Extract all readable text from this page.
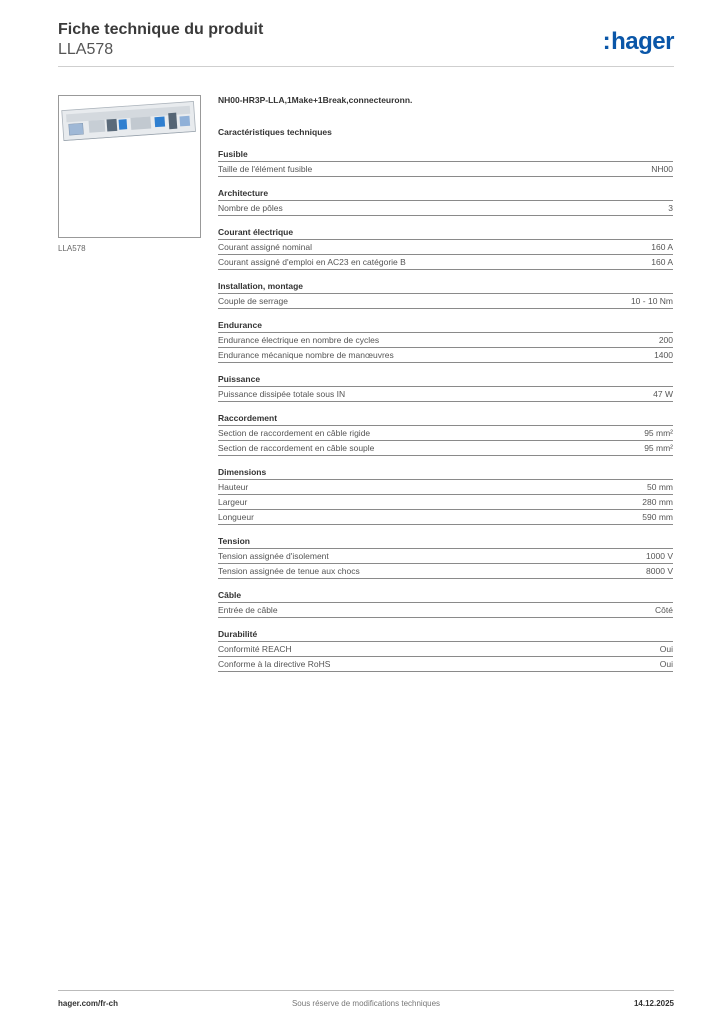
Fiche technique du produit
LLA578	:hager
LLA578
NH00-HR3P-LLA,1Make+1Break,connecteuronn.
Caractéristiques techniques
Fusible
Taille de l'élément fusible	NH00
Architecture
Nombre de pôles	3
Courant électrique
Courant assigné nominal	160 A
Courant assigné d'emploi en AC23 en catégorie B	160 A
Installation, montage
Couple de serrage	10 - 10 Nm
Endurance
Endurance électrique en nombre de cycles	200
Endurance mécanique nombre de manœuvres	1400
Puissance
Puissance dissipée totale sous IN	47 W
Raccordement
Section de raccordement en câble rigide	95 mm²
Section de raccordement en câble souple	95 mm²
Dimensions
Hauteur	50 mm
Largeur	280 mm
Longueur	590 mm
Tension
Tension assignée d'isolement	1000 V
Tension assignée de tenue aux chocs	8000 V
Câble
Entrée de câble	Côté
Durabilité
Conformité REACH	Oui
Conforme à la directive RoHS	Oui
hager.com/fr-ch	Sous réserve de modifications techniques	14.12.2025
